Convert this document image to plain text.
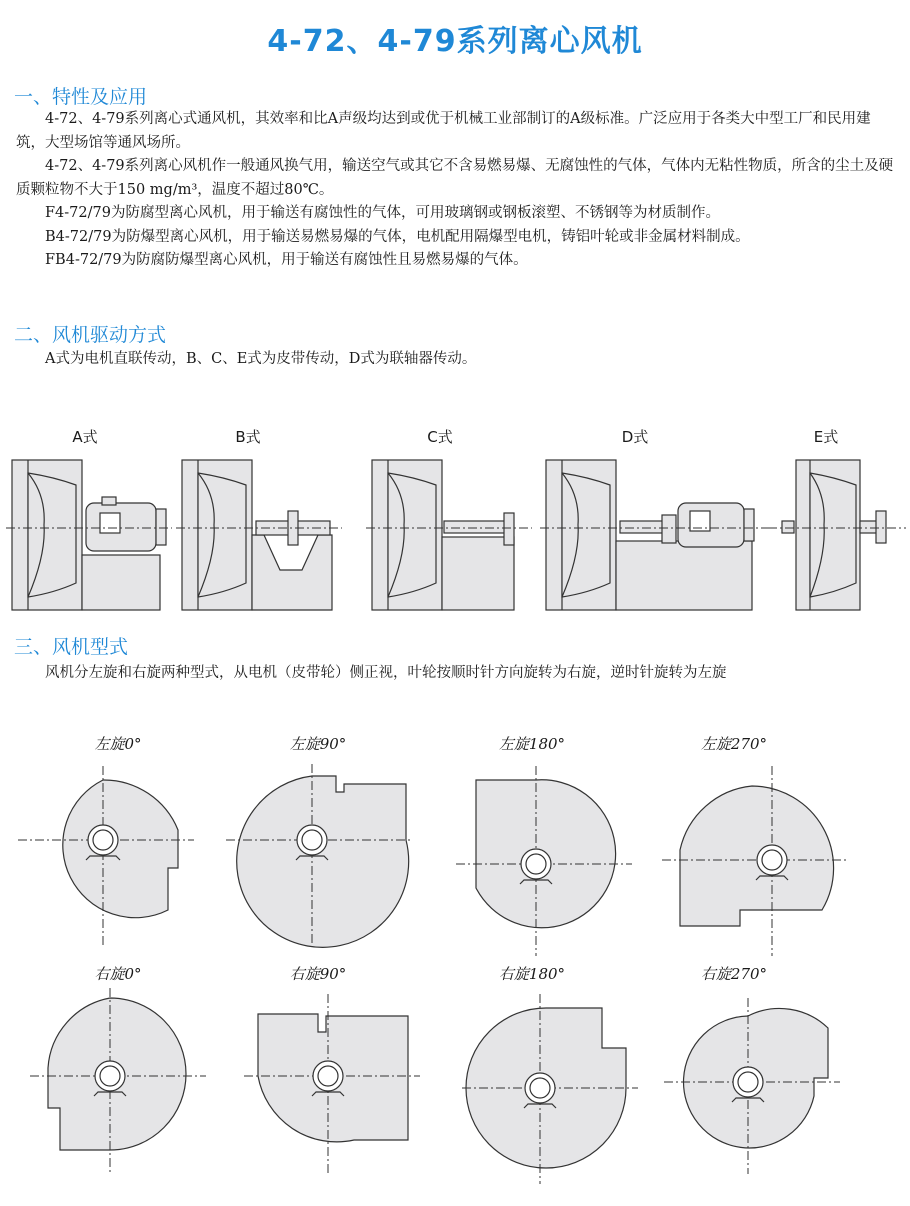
4-72、4-79系列离心风机
一、特性及应用

4-72、4-79系列离心式通风机，其效率和比A声级均达到或优于机械工业部制订的A级标准。广泛应用于各类大中型工厂和民用建筑，大型场馆等通风场所。

4-72、4-79系列离心风机作一般通风换气用，输送空气或其它不含易燃易爆、无腐蚀性的气体，气体内无粘性物质，所含的尘土及硬质颗粒物不大于150 mg/m³，温度不超过80℃。

F4-72/79为防腐型离心风机，用于输送有腐蚀性的气体，可用玻璃钢或钢板滚塑、不锈钢等为材质制作。

B4-72/79为防爆型离心风机，用于输送易燃易爆的气体，电机配用隔爆型电机，铸铝叶轮或非金属材料制成。

FB4-72/79为防腐防爆型离心风机，用于输送有腐蚀性且易燃易爆的气体。

二、风机驱动方式

A式为电机直联传动，B、C、E式为皮带传动，D式为联轴器传动。

A式	B式	C式	D式	E式
三、风机型式

风机分左旋和右旋两种型式，从电机（皮带轮）侧正视，叶轮按顺时针方向旋转为右旋，逆时针旋转为左旋

左旋0°	左旋90°	左旋180°	左旋270°
右旋0°	右旋90°	右旋180°	右旋270°
